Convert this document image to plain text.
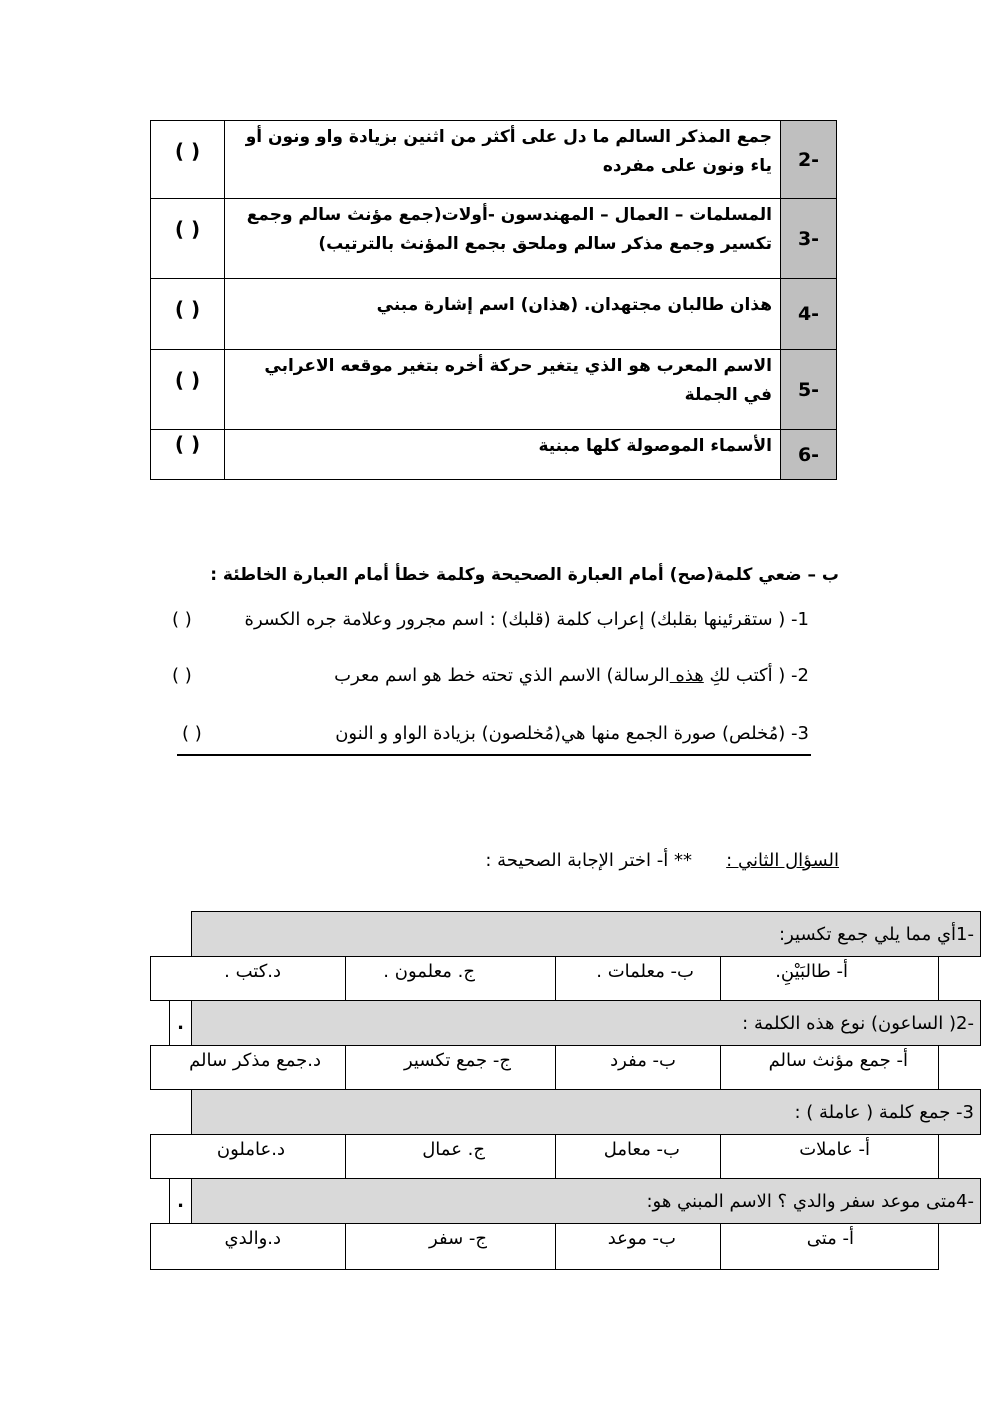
2-
جمع المذكر السالم ما دل على أكثر من اثنين بزيادة واو ونون أو ياء ونون على مفرده
( )
3-
المسلمات – العمال – المهندسون -أولات(جمع مؤنث سالم وجمع تكسير وجمع مذكر سالم وملحق بجمع المؤنث بالترتيب)
( )
4-
هذان طالبان مجتهدان. (هذان) اسم إشارة مبني
( )
5-
الاسم المعرب هو الذي يتغير حركة أخره بتغير موقعه الاعرابي في الجملة
( )
6-
الأسماء الموصولة كلها مبنية
( )
ب – ضعي كلمة(صح) أمام العبارة الصحيحة وكلمة خطأ أمام العبارة الخاطئة :
1- ( ستقرئينها بقلبك) إعراب كلمة (قلبك) : اسم مجرور وعلامة جره الكسرة
( )
2- ( أكتب لكِ هذه الرسالة) الاسم الذي تحته خط هو اسم معرب
( )
3- (مُخلص) صورة الجمع منها هي(مُخلصون) بزيادة الواو و النون
( )
السؤال الثاني :
** أ- اختر الإجابة الصحيحة :
-1أي مما يلي جمع تكسير:
أ- طالبَيْنِ.
ب- معلمات .
ج. معلمون .
د.كتب .
.	-2( الساعون) نوع هذه الكلمة :
أ- جمع مؤنث سالم
ب- مفرد
ج- جمع تكسير
د.جمع مذكر سالم
3- جمع كلمة ( عاملة ) :
أ- عاملات
ب- معامل
ج. عمال
د.عاملون
.	-4متى موعد سفر والدي ؟ الاسم المبني هو:
أ- متى
ب- موعد
ج- سفر
د.والدي
